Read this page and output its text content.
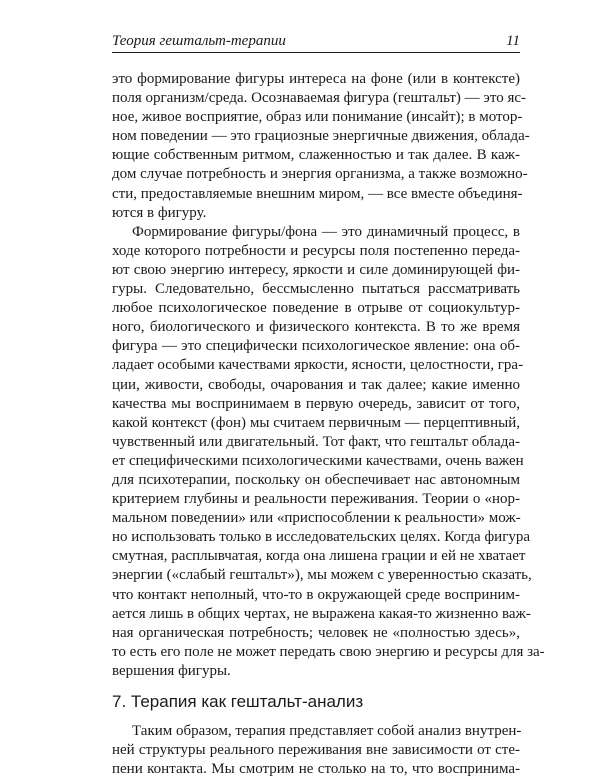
Теория гештальт-терапии	11
это формирование фигуры интереса на фоне (или в контексте)
поля организм/среда. Осознаваемая фигура (гештальт) — это яс-
ное, живое восприятие, образ или понимание (инсайт); в мотор-
ном поведении — это грациозные энергичные движения, облада-
ющие собственным ритмом, слаженностью и так далее. В каж-
дом случае потребность и энергия организма, а также возможно-
сти, предоставляемые внешним миром, — все вместе объединя-
ются в фигуру.
Формирование фигуры/фона — это динамичный процесс, в
ходе которого потребности и ресурсы поля постепенно передa-
ют свою энергию интересу, яркости и силе доминирующей фи-
гуры. Следовательно, бессмысленно пытаться рассматривать
любое психологическое поведение в отрыве от социокультур-
ного, биологического и физического контекста. В то же время
фигура — это специфически психологическое явление: она об-
ладает особыми качествами яркости, ясности, целостности, гра-
ции, живости, свободы, очарования и так далее; какие именно
качества мы воспринимаем в первую очередь, зависит от того,
какой контекст (фон) мы считаем первичным — перцептивный,
чувственный или двигательный. Тот факт, что гештальт облада-
ет специфическими психологическими качествами, очень важен
для психотерапии, поскольку он обеспечивает нас автономным
критерием глубины и реальности переживания. Теории о «нор-
мальном поведении» или «приспособлении к реальности» мож-
но использовать только в исследовательских целях. Когда фигура
смутная, расплывчатая, когда она лишена грации и ей не хватает
энергии («слабый гештальт»), мы можем с уверенностью сказать,
что контакт неполный, что-то в окружающей среде восприним-
ается лишь в общих чертах, не выражена какая-то жизненно важ-
ная органическая потребность; человек не «полностью здесь»,
то есть его поле не может передать свою энергию и ресурсы для за-
вершения фигуры.
7. Терапия как гештальт-анализ
Таким образом, терапия представляет собой анализ внутрен-
ней структуры реального переживания вне зависимости от сте-
пени контакта. Мы смотрим не столько на то, что воспринима-
